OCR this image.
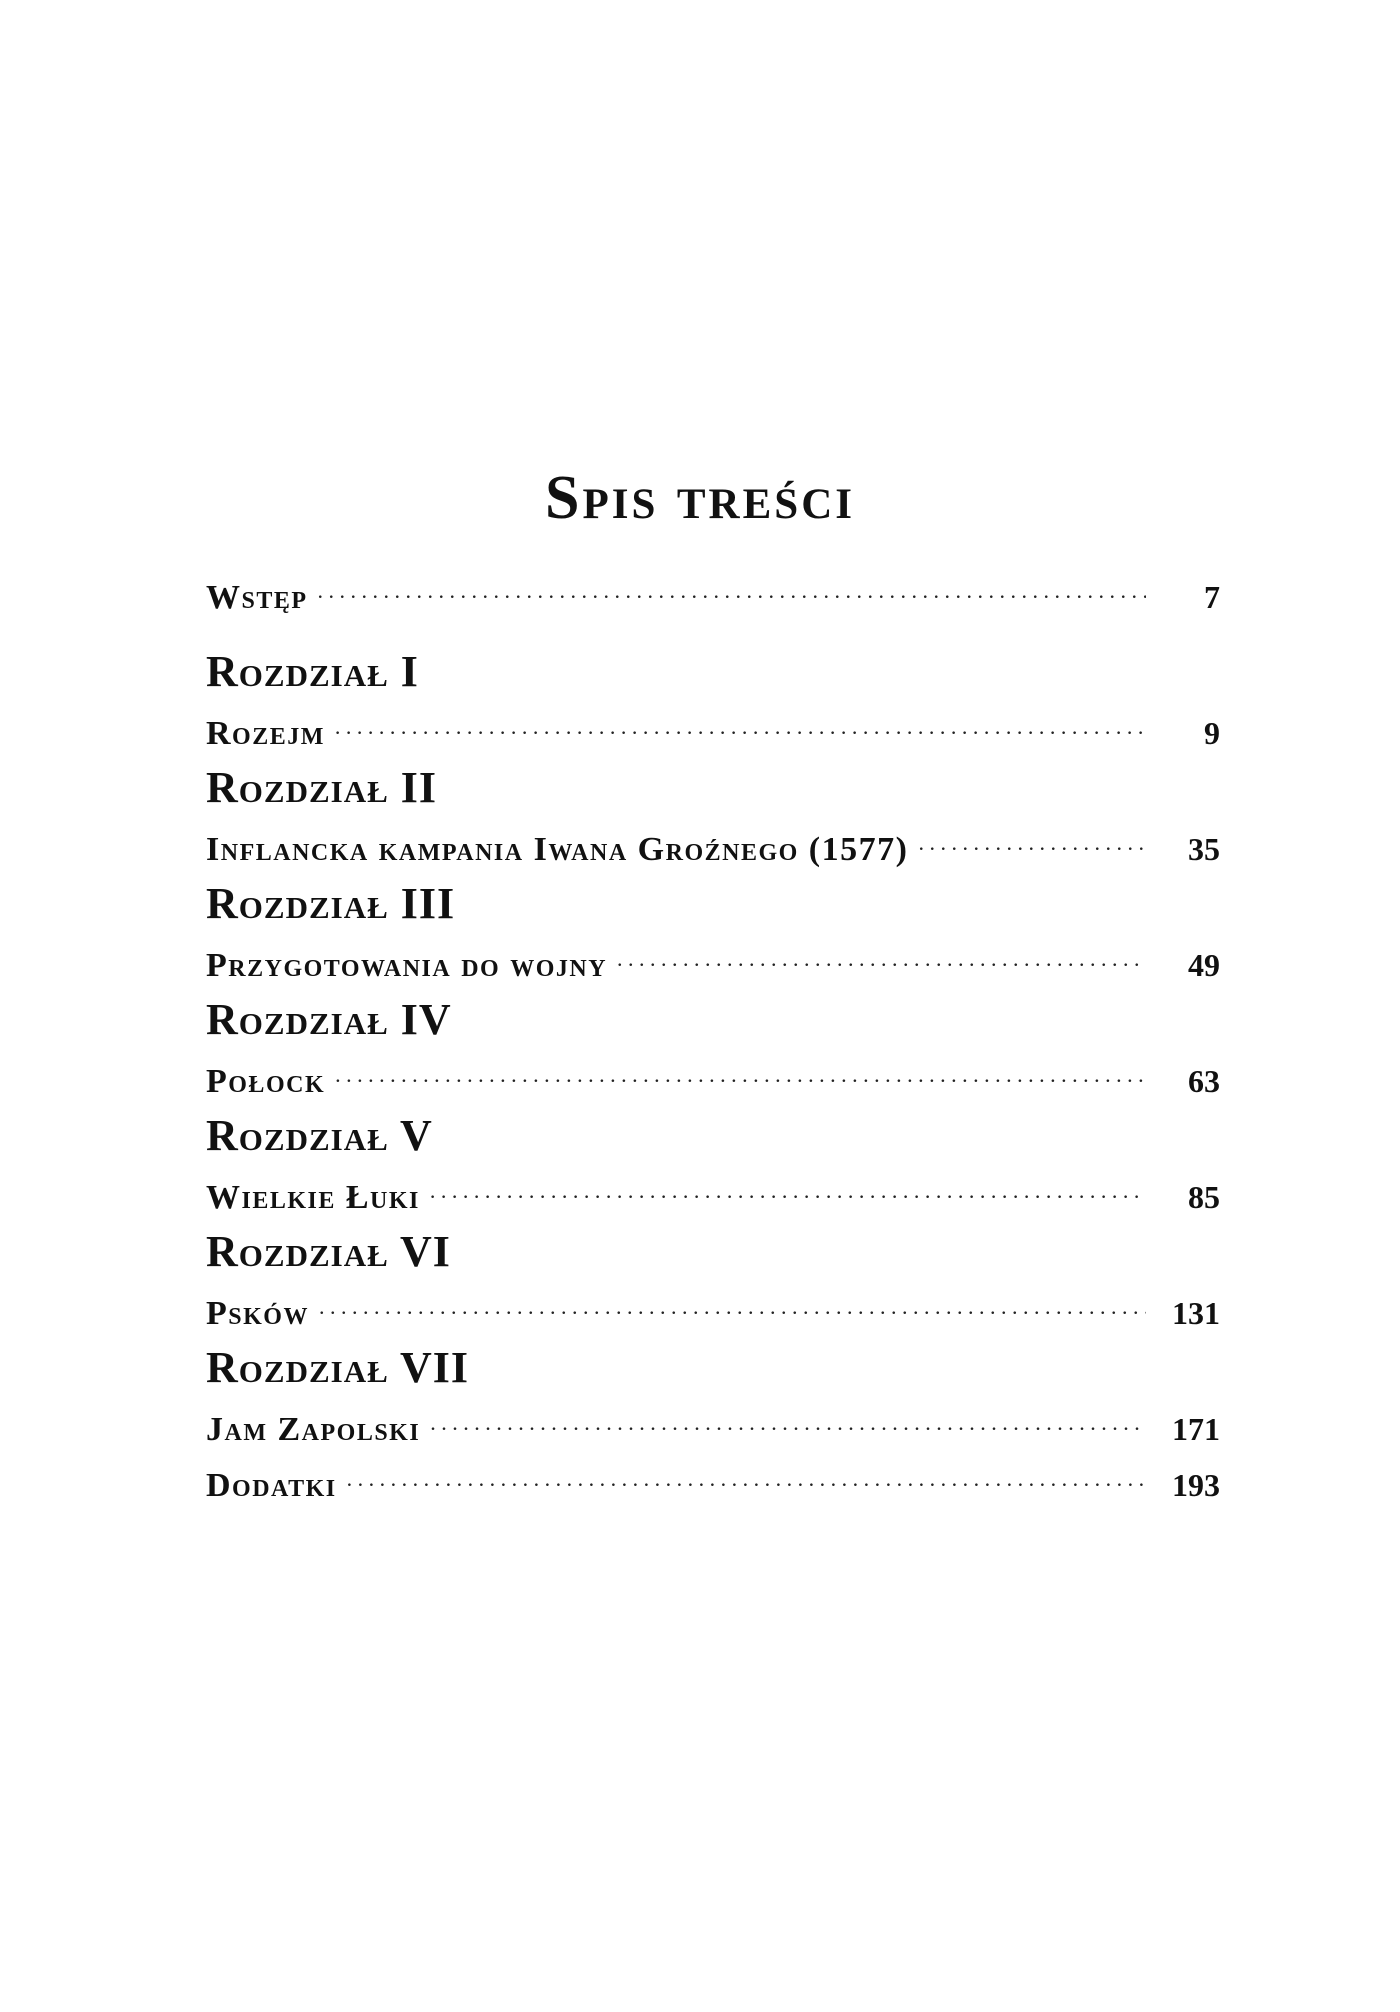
Spis treści
Wstęp . . .	7
Rozdział I
Rozejm . . .	9
Rozdział II
Inflancka kampania Iwana Groźnego (1577) . . .	35
Rozdział III
Przygotowania do wojny . . .	49
Rozdział IV
Połock . . .	63
Rozdział V
Wielkie Łuki . . .	85
Rozdział VI
Psków . . .	131
Rozdział VII
Jam Zapolski . . .	171
Dodatki . . .	193
